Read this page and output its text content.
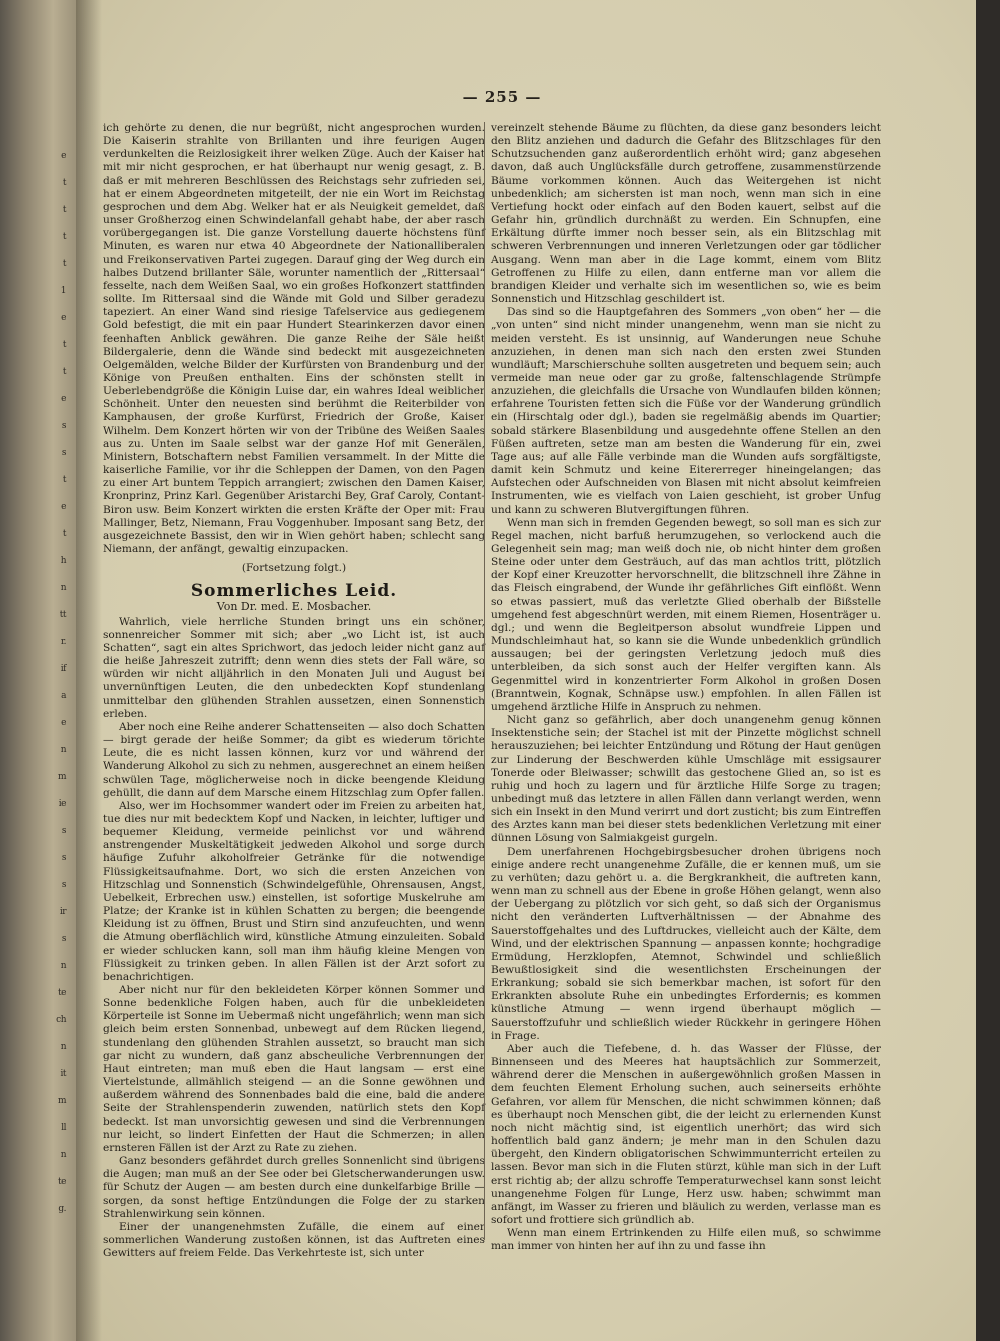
e
t
t
t
t
1
e
t
t
e
s
s
t
e
t
h
n
tt
r.
if
a
e
n
m
ie
s
s
s
ir
s
n
te
ch
n
it
m
ll
n
te
g.
— 255 —

ich gehörte zu denen, die nur begrüßt, nicht angesprochen wurden. Die Kaiserin strahlte von Brillanten und ihre feurigen Augen verdunkelten die Reizlosigkeit ihrer welken Züge. Auch der Kaiser hat mit mir nicht gesprochen, er hat überhaupt nur wenig gesagt, z. B. daß er mit mehreren Beschlüssen des Reichstags sehr zufrieden sei, hat er einem Abgeordneten mitgeteilt, der nie ein Wort im Reichstag gesprochen und dem Abg. Welker hat er als Neuigkeit gemeldet, daß unser Großherzog einen Schwindelanfall gehabt habe, der aber rasch vorübergegangen ist. Die ganze Vorstellung dauerte höchstens fünf Minuten, es waren nur etwa 40 Abgeordnete der Nationalliberalen und Freikonservativen Partei zugegen. Darauf ging der Weg durch ein halbes Dutzend brillanter Säle, worunter namentlich der „Rittersaal“ fesselte, nach dem Weißen Saal, wo ein großes Hofkonzert stattfinden sollte. Im Rittersaal sind die Wände mit Gold und Silber geradezu tapeziert. An einer Wand sind riesige Tafelservice aus gediegenem Gold befestigt, die mit ein paar Hundert Stearinkerzen davor einen feenhaften Anblick gewähren. Die ganze Reihe der Säle heißt Bildergalerie, denn die Wände sind bedeckt mit ausgezeichneten Oelgemälden, welche Bilder der Kurfürsten von Brandenburg und der Könige von Preußen enthalten. Eins der schönsten stellt in Ueberlebendgröße die Königin Luise dar, ein wahres Ideal weiblicher Schönheit. Unter den neuesten sind berühmt die Reiterbilder von Kamphausen, der große Kurfürst, Friedrich der Große, Kaiser Wilhelm. Dem Konzert hörten wir von der Tribüne des Weißen Saales aus zu. Unten im Saale selbst war der ganze Hof mit Generälen, Ministern, Botschaftern nebst Familien versammelt. In der Mitte die kaiserliche Familie, vor ihr die Schleppen der Damen, von den Pagen zu einer Art buntem Teppich arrangiert; zwischen den Damen Kaiser, Kronprinz, Prinz Karl. Gegenüber Aristarchi Bey, Graf Caroly, Contant-Biron usw. Beim Konzert wirkten die ersten Kräfte der Oper mit: Frau Mallinger, Betz, Niemann, Frau Voggenhuber. Imposant sang Betz, der ausgezeichnete Bassist, den wir in Wien gehört haben; schlecht sang Niemann, der anfängt, gewaltig einzupacken.

(Fortsetzung folgt.)
Sommerliches Leid.
Von Dr. med. E. Mosbacher.

Wahrlich, viele herrliche Stunden bringt uns ein schöner, sonnenreicher Sommer mit sich; aber „wo Licht ist, ist auch Schatten“, sagt ein altes Sprichwort, das jedoch leider nicht ganz auf die heiße Jahreszeit zutrifft; denn wenn dies stets der Fall wäre, so würden wir nicht alljährlich in den Monaten Juli und August bei unvernünftigen Leuten, die den unbedeckten Kopf stundenlang unmittelbar den glühenden Strahlen aussetzen, einen Sonnenstich erleben.

Aber noch eine Reihe anderer Schattenseiten — also doch Schatten — birgt gerade der heiße Sommer; da gibt es wiederum törichte Leute, die es nicht lassen können, kurz vor und während der Wanderung Alkohol zu sich zu nehmen, ausgerechnet an einem heißen schwülen Tage, möglicherweise noch in dicke beengende Kleidung gehüllt, die dann auf dem Marsche einem Hitzschlag zum Opfer fallen.

Also, wer im Hochsommer wandert oder im Freien zu arbeiten hat, tue dies nur mit bedecktem Kopf und Nacken, in leichter, luftiger und bequemer Kleidung, vermeide peinlichst vor und während anstrengender Muskeltätigkeit jedweden Alkohol und sorge durch häufige Zufuhr alkoholfreier Getränke für die notwendige Flüssigkeitsaufnahme. Dort, wo sich die ersten Anzeichen von Hitzschlag und Sonnenstich (Schwindelgefühle, Ohrensausen, Angst, Uebelkeit, Erbrechen usw.) einstellen, ist sofortige Muskelruhe am Platze; der Kranke ist in kühlen Schatten zu bergen; die beengende Kleidung ist zu öffnen, Brust und Stirn sind anzufeuchten, und wenn die Atmung oberflächlich wird, künstliche Atmung einzuleiten. Sobald er wieder schlucken kann, soll man ihm häufig kleine Mengen von Flüssigkeit zu trinken geben. In allen Fällen ist der Arzt sofort zu benachrichtigen.

Aber nicht nur für den bekleideten Körper können Sommer und Sonne bedenkliche Folgen haben, auch für die unbekleideten Körperteile ist Sonne im Uebermaß nicht ungefährlich; wenn man sich gleich beim ersten Sonnenbad, unbewegt auf dem Rücken liegend, stundenlang den glühenden Strahlen aussetzt, so braucht man sich gar nicht zu wundern, daß ganz abscheuliche Verbrennungen der Haut eintreten; man muß eben die Haut langsam — erst eine Viertelstunde, allmählich steigend — an die Sonne gewöhnen und außerdem während des Sonnenbades bald die eine, bald die andere Seite der Strahlenspenderin zuwenden, natürlich stets den Kopf bedeckt. Ist man unvorsichtig gewesen und sind die Verbrennungen nur leicht, so lindert Einfetten der Haut die Schmerzen; in allen ernsteren Fällen ist der Arzt zu Rate zu ziehen.

Ganz besonders gefährdet durch grelles Sonnenlicht sind übrigens die Augen; man muß an der See oder bei Gletscherwanderungen usw. für Schutz der Augen — am besten durch eine dunkelfarbige Brille — sorgen, da sonst heftige Entzündungen die Folge der zu starken Strahlenwirkung sein können.

Einer der unangenehmsten Zufälle, die einem auf einer sommerlichen Wanderung zustoßen können, ist das Auftreten eines Gewitters auf freiem Felde. Das Verkehrteste ist, sich unter

vereinzelt stehende Bäume zu flüchten, da diese ganz besonders leicht den Blitz anziehen und dadurch die Gefahr des Blitzschlages für den Schutzsuchenden ganz außerordentlich erhöht wird; ganz abgesehen davon, daß auch Unglücksfälle durch getroffene, zusammenstürzende Bäume vorkommen können. Auch das Weitergehen ist nicht unbedenklich; am sichersten ist man noch, wenn man sich in eine Vertiefung hockt oder einfach auf den Boden kauert, selbst auf die Gefahr hin, gründlich durchnäßt zu werden. Ein Schnupfen, eine Erkältung dürfte immer noch besser sein, als ein Blitzschlag mit schweren Verbrennungen und inneren Verletzungen oder gar tödlicher Ausgang. Wenn man aber in die Lage kommt, einem vom Blitz Getroffenen zu Hilfe zu eilen, dann entferne man vor allem die brandigen Kleider und verhalte sich im wesentlichen so, wie es beim Sonnenstich und Hitzschlag geschildert ist.

Das sind so die Hauptgefahren des Sommers „von oben“ her — die „von unten“ sind nicht minder unangenehm, wenn man sie nicht zu meiden versteht. Es ist unsinnig, auf Wanderungen neue Schuhe anzuziehen, in denen man sich nach den ersten zwei Stunden wundläuft; Marschierschuhe sollten ausgetreten und bequem sein; auch vermeide man neue oder gar zu große, faltenschlagende Strümpfe anzuziehen, die gleichfalls die Ursache von Wundlaufen bilden können; erfahrene Touristen fetten sich die Füße vor der Wanderung gründlich ein (Hirschtalg oder dgl.), baden sie regelmäßig abends im Quartier; sobald stärkere Blasenbildung und ausgedehnte offene Stellen an den Füßen auftreten, setze man am besten die Wanderung für ein, zwei Tage aus; auf alle Fälle verbinde man die Wunden aufs sorgfältigste, damit kein Schmutz und keine Eitererreger hineingelangen; das Aufstechen oder Aufschneiden von Blasen mit nicht absolut keimfreien Instrumenten, wie es vielfach von Laien geschieht, ist grober Unfug und kann zu schweren Blutvergiftungen führen.

Wenn man sich in fremden Gegenden bewegt, so soll man es sich zur Regel machen, nicht barfuß herumzugehen, so verlockend auch die Gelegenheit sein mag; man weiß doch nie, ob nicht hinter dem großen Steine oder unter dem Gesträuch, auf das man achtlos tritt, plötzlich der Kopf einer Kreuzotter hervorschnellt, die blitzschnell ihre Zähne in das Fleisch eingrabend, der Wunde ihr gefährliches Gift einflößt. Wenn so etwas passiert, muß das verletzte Glied oberhalb der Bißstelle umgehend fest abgeschnürt werden, mit einem Riemen, Hosenträger u. dgl.; und wenn die Begleitperson absolut wundfreie Lippen und Mundschleimhaut hat, so kann sie die Wunde unbedenklich gründlich aussaugen; bei der geringsten Verletzung jedoch muß dies unterbleiben, da sich sonst auch der Helfer vergiften kann. Als Gegenmittel wird in konzentrierter Form Alkohol in großen Dosen (Branntwein, Kognak, Schnäpse usw.) empfohlen. In allen Fällen ist umgehend ärztliche Hilfe in Anspruch zu nehmen.

Nicht ganz so gefährlich, aber doch unangenehm genug können Insektenstiche sein; der Stachel ist mit der Pinzette möglichst schnell herauszuziehen; bei leichter Entzündung und Rötung der Haut genügen zur Linderung der Beschwerden kühle Umschläge mit essigsaurer Tonerde oder Bleiwasser; schwillt das gestochene Glied an, so ist es ruhig und hoch zu lagern und für ärztliche Hilfe Sorge zu tragen; unbedingt muß das letztere in allen Fällen dann verlangt werden, wenn sich ein Insekt in den Mund verirrt und dort zusticht; bis zum Eintreffen des Arztes kann man bei dieser stets bedenklichen Verletzung mit einer dünnen Lösung von Salmiakgeist gurgeln.

Dem unerfahrenen Hochgebirgsbesucher drohen übrigens noch einige andere recht unangenehme Zufälle, die er kennen muß, um sie zu verhüten; dazu gehört u. a. die Bergkrankheit, die auftreten kann, wenn man zu schnell aus der Ebene in große Höhen gelangt, wenn also der Uebergang zu plötzlich vor sich geht, so daß sich der Organismus nicht den veränderten Luftverhältnissen — der Abnahme des Sauerstoffgehaltes und des Luftdruckes, vielleicht auch der Kälte, dem Wind, und der elektrischen Spannung — anpassen konnte; hochgradige Ermüdung, Herzklopfen, Atemnot, Schwindel und schließlich Bewußtlosigkeit sind die wesentlichsten Erscheinungen der Erkrankung; sobald sie sich bemerkbar machen, ist sofort für den Erkrankten absolute Ruhe ein unbedingtes Erfordernis; es kommen künstliche Atmung — wenn irgend überhaupt möglich — Sauerstoffzufuhr und schließlich wieder Rückkehr in geringere Höhen in Frage.

Aber auch die Tiefebene, d. h. das Wasser der Flüsse, der Binnenseen und des Meeres hat hauptsächlich zur Sommerzeit, während derer die Menschen in außergewöhnlich großen Massen in dem feuchten Element Erholung suchen, auch seinerseits erhöhte Gefahren, vor allem für Menschen, die nicht schwimmen können; daß es überhaupt noch Menschen gibt, die der leicht zu erlernenden Kunst noch nicht mächtig sind, ist eigentlich unerhört; das wird sich hoffentlich bald ganz ändern; je mehr man in den Schulen dazu übergeht, den Kindern obligatorischen Schwimmunterricht erteilen zu lassen. Bevor man sich in die Fluten stürzt, kühle man sich in der Luft erst richtig ab; der allzu schroffe Temperaturwechsel kann sonst leicht unangenehme Folgen für Lunge, Herz usw. haben; schwimmt man anfängt, im Wasser zu frieren und bläulich zu werden, verlasse man es sofort und frottiere sich gründlich ab.

Wenn man einem Ertrinkenden zu Hilfe eilen muß, so schwimme man immer von hinten her auf ihn zu und fasse ihn
